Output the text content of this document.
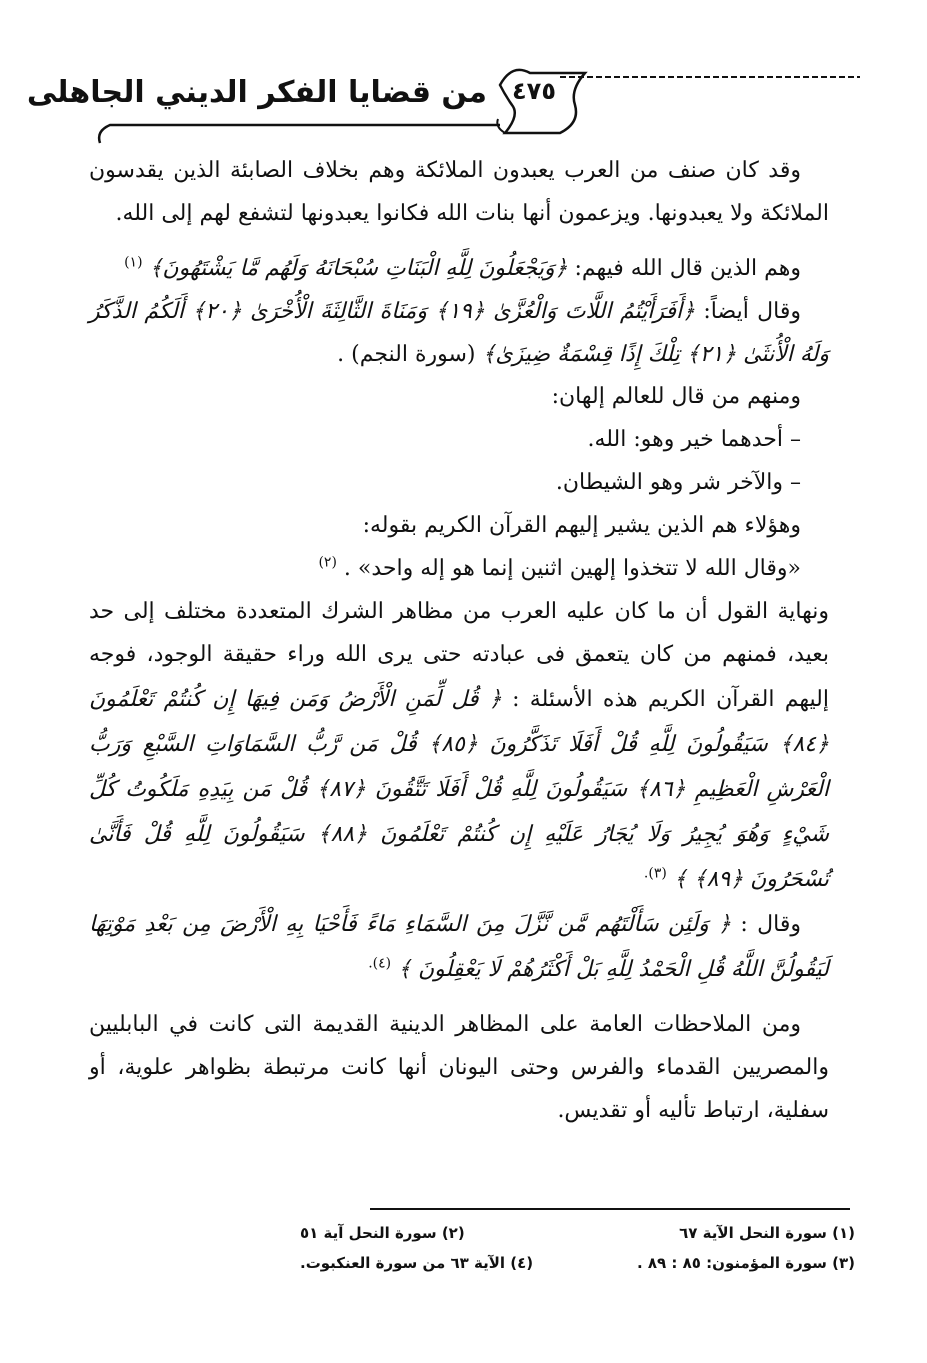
من قضايا الفكر الديني الجاهلى ٤٧٥

وقد كان صنف من العرب يعبدون الملائكة وهم بخلاف الصابئة الذين يقدسون الملائكة ولا يعبدونها. ويزعمون أنها بنات الله فكانوا يعبدونها لتشفع لهم إلى الله.

وهم الذين قال الله فيهم: ﴿وَيَجْعَلُونَ لِلَّهِ الْبَنَاتِ سُبْحَانَهُ وَلَهُم مَّا يَشْتَهُونَ﴾ $^{(١)}$

وقال أيضاً: ﴿أَفَرَأَيْتُمُ اللَّاتَ وَالْعُزَّىٰ ﴿١٩﴾ وَمَنَاةَ الثَّالِثَةَ الْأُخْرَىٰ ﴿٢٠﴾ أَلَكُمُ الذَّكَرُ وَلَهُ الْأُنثَىٰ ﴿٢١﴾ تِلْكَ إِذًا قِسْمَةٌ ضِيزَىٰ﴾ (سورة النجم) .

ومنهم من قال للعالم إلهان:

– أحدهما خير وهو: الله.

– والآخر شر وهو الشيطان.

وهؤلاء هم الذين يشير إليهم القرآن الكريم بقوله:

«وقال الله لا تتخذوا إلهين اثنين إنما هو إله واحد» . $^{(٢)}$

ونهاية القول أن ما كان عليه العرب من مظاهر الشرك المتعددة مختلف إلى حد بعيد، فمنهم من كان يتعمق فى عبادته حتى يرى الله وراء حقيقة الوجود، فوجه إليهم القرآن الكريم هذه الأسئلة : ﴿ قُل لِّمَنِ الْأَرْضُ وَمَن فِيهَا إِن كُنتُمْ تَعْلَمُونَ ﴿٨٤﴾ سَيَقُولُونَ لِلَّهِ قُلْ أَفَلَا تَذَكَّرُونَ ﴿٨٥﴾ قُلْ مَن رَّبُّ السَّمَاوَاتِ السَّبْعِ وَرَبُّ الْعَرْشِ الْعَظِيمِ ﴿٨٦﴾ سَيَقُولُونَ لِلَّهِ قُلْ أَفَلَا تَتَّقُونَ ﴿٨٧﴾ قُلْ مَن بِيَدِهِ مَلَكُوتُ كُلِّ شَيْءٍ وَهُوَ يُجِيرُ وَلَا يُجَارُ عَلَيْهِ إِن كُنتُمْ تَعْلَمُونَ ﴿٨٨﴾ سَيَقُولُونَ لِلَّهِ قُلْ فَأَنَّىٰ تُسْحَرُونَ ﴿٨٩﴾ ﴾ $^{(٣).}$

وقال : ﴿ وَلَئِن سَأَلْتَهُم مَّن نَّزَّلَ مِنَ السَّمَاءِ مَاءً فَأَحْيَا بِهِ الْأَرْضَ مِن بَعْدِ مَوْتِهَا لَيَقُولُنَّ اللَّهُ قُلِ الْحَمْدُ لِلَّهِ بَلْ أَكْثَرُهُمْ لَا يَعْقِلُونَ ﴾ $^{(٤).}$

ومن الملاحظات العامة على المظاهر الدينية القديمة التى كانت في البابليين والمصريين القدماء والفرس وحتى اليونان أنها كانت مرتبطة بظواهر علوية، أو سفلية، ارتباط تأليه أو تقديس.

(١) سورة النحل الآية ٦٧
(٢) سورة النحل آية ٥١
(٣) سورة المؤمنون: ٨٥ : ٨٩ .
(٤) الآية ٦٣ من سورة العنكبوت.
